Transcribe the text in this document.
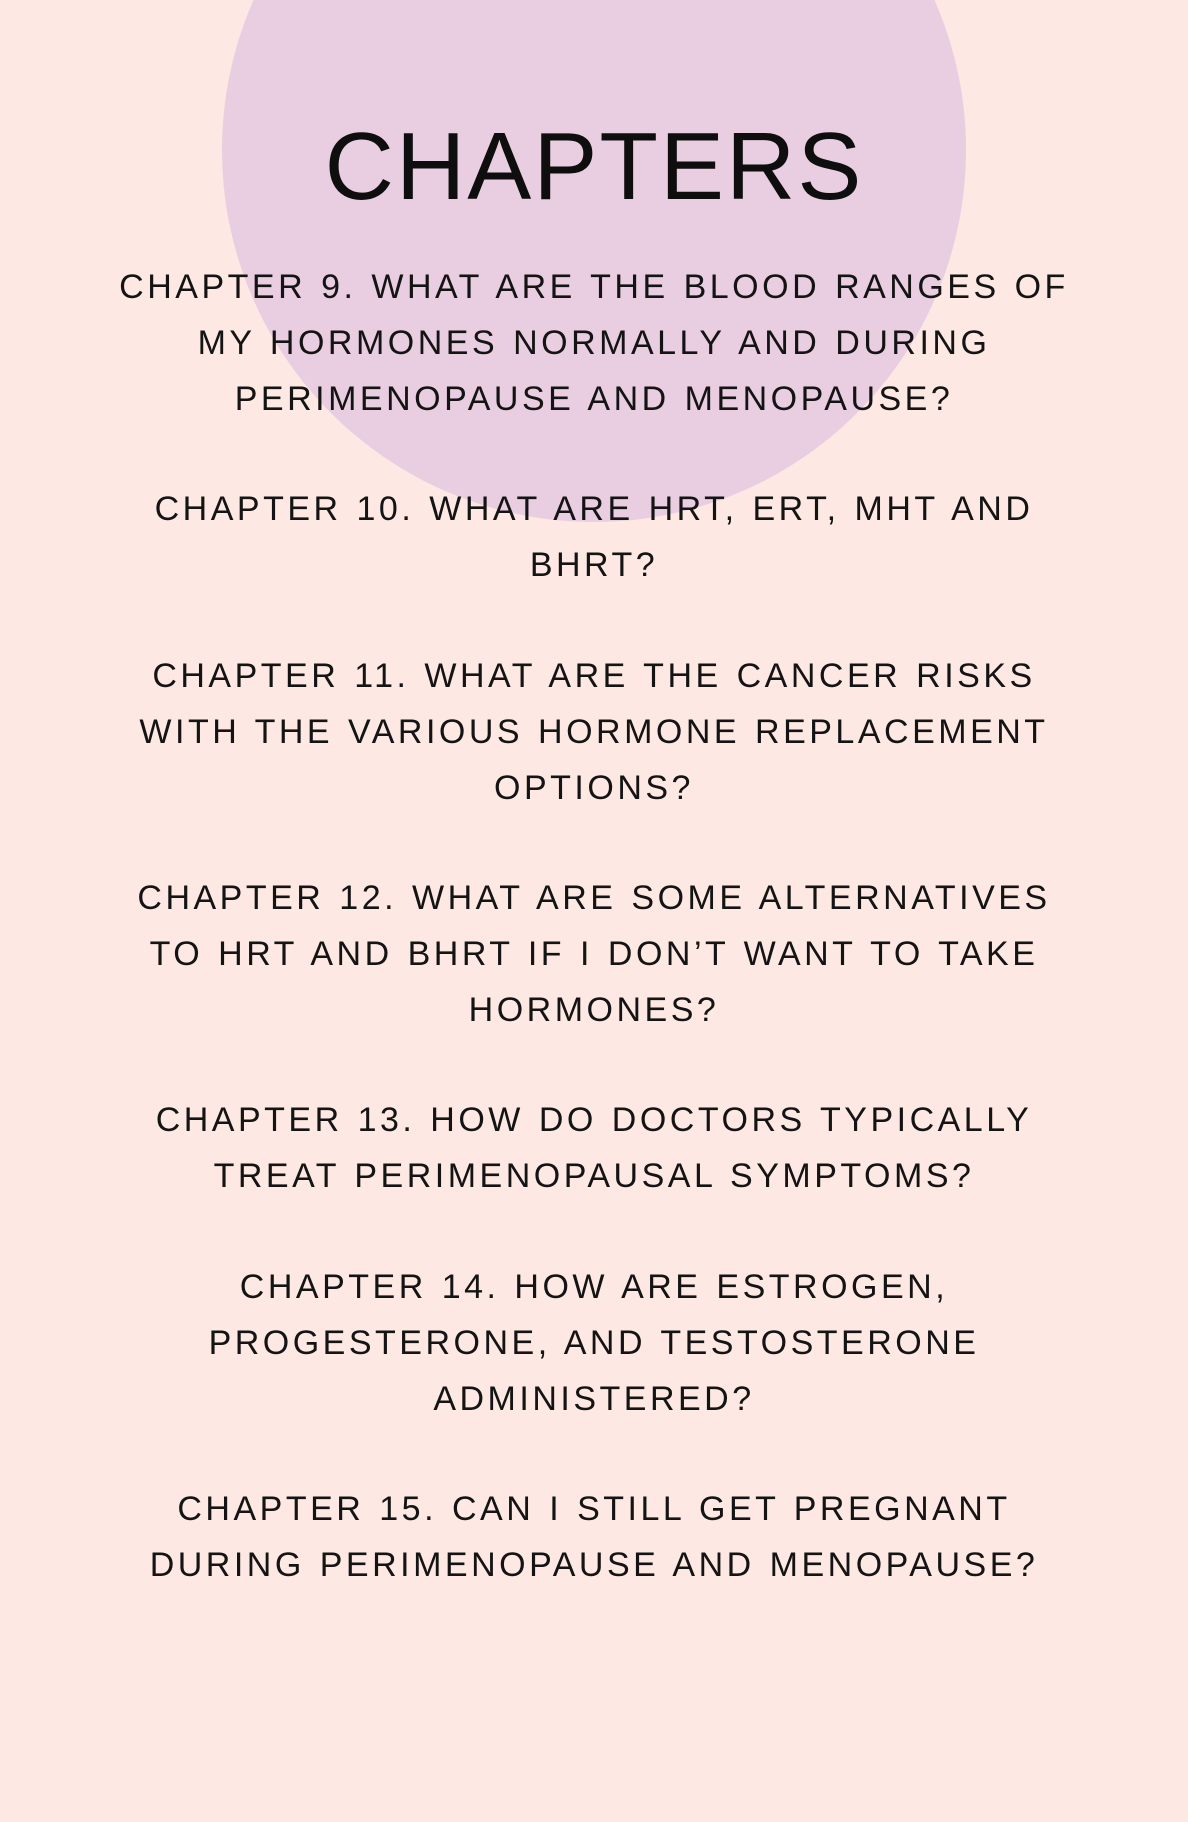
CHAPTERS
CHAPTER 9. WHAT ARE THE BLOOD RANGES OF
MY HORMONES NORMALLY AND DURING
PERIMENOPAUSE AND MENOPAUSE?
CHAPTER 10. WHAT ARE HRT, ERT, MHT AND
BHRT?
CHAPTER 11. WHAT ARE THE CANCER RISKS
WITH THE VARIOUS HORMONE REPLACEMENT
OPTIONS?
CHAPTER 12. WHAT ARE SOME ALTERNATIVES
TO HRT AND BHRT IF I DON’T WANT TO TAKE
HORMONES?
CHAPTER 13. HOW DO DOCTORS TYPICALLY
TREAT PERIMENOPAUSAL SYMPTOMS?
CHAPTER 14. HOW ARE ESTROGEN,
PROGESTERONE, AND TESTOSTERONE
ADMINISTERED?
CHAPTER 15. CAN I STILL GET PREGNANT
DURING PERIMENOPAUSE AND MENOPAUSE?
